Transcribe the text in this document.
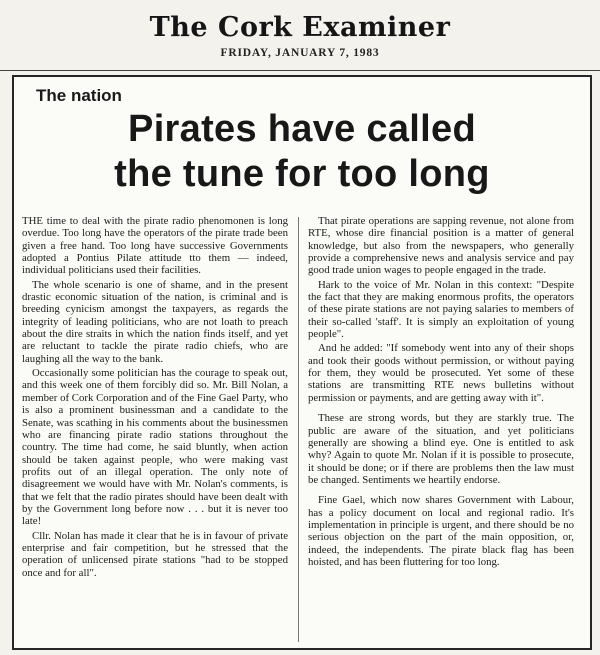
The Cork Examiner
FRIDAY, JANUARY 7, 1983
The nation
Pirates have called
the tune for too long

THE time to deal with the pirate radio phenomonen is long overdue. Too long have the operators of the pirate trade been given a free hand. Too long have successive Governments adopted a Pontius Pilate attitude tto them — indeed, individual politicians used their facilities.

The whole scenario is one of shame, and in the present drastic economic situation of the nation, is criminal and is breeding cynicism amongst the taxpayers, as regards the integrity of leading politicians, who are not loath to preach about the dire straits in which the nation finds itself, and yet are reluctant to tackle the pirate radio chiefs, who are laughing all the way to the bank.

Occasionally some politician has the courage to speak out, and this week one of them forcibly did so. Mr. Bill Nolan, a member of Cork Corporation and of the Fine Gael Party, who is also a prominent businessman and a candidate to the Senate, was scathing in his comments about the businessmen who are financing pirate radio stations throughout the country. The time had come, he said bluntly, when action should be taken against people, who were making vast profits out of an illegal operation. The only note of disagreement we would have with Mr. Nolan's comments, is that we felt that the radio pirates should have been dealt with by the Government long before now . . . but it is never too late!

Cllr. Nolan has made it clear that he is in favour of private enterprise and fair competition, but he stressed that the operation of unlicensed pirate stations "had to be stopped once and for all".

That pirate operations are sapping revenue, not alone from RTE, whose dire financial position is a matter of general knowledge, but also from the newspapers, who generally provide a comprehensive news and analysis service and pay good trade union wages to people engaged in the trade.

Hark to the voice of Mr. Nolan in this context: "Despite the fact that they are making enormous profits, the operators of these pirate stations are not paying salaries to members of their so-called 'staff'. It is simply an exploitation of young people".

And he added: "If somebody went into any of their shops and took their goods without permission, or without paying for them, they would be prosecuted. Yet some of these stations are transmitting RTE news bulletins without permission or payments, and are getting away with it".

These are strong words, but they are starkly true. The public are aware of the situation, and yet politicians generally are showing a blind eye. One is entitled to ask why? Again to quote Mr. Nolan if it is possible to prosecute, it should be done; or if there are problems then the law must be changed. Sentiments we heartily endorse.

Fine Gael, which now shares Government with Labour, has a policy document on local and regional radio. It's implementation in principle is urgent, and there should be no serious objection on the part of the main opposition, or, indeed, the independents. The pirate black flag has been hoisted, and has been fluttering for too long.
